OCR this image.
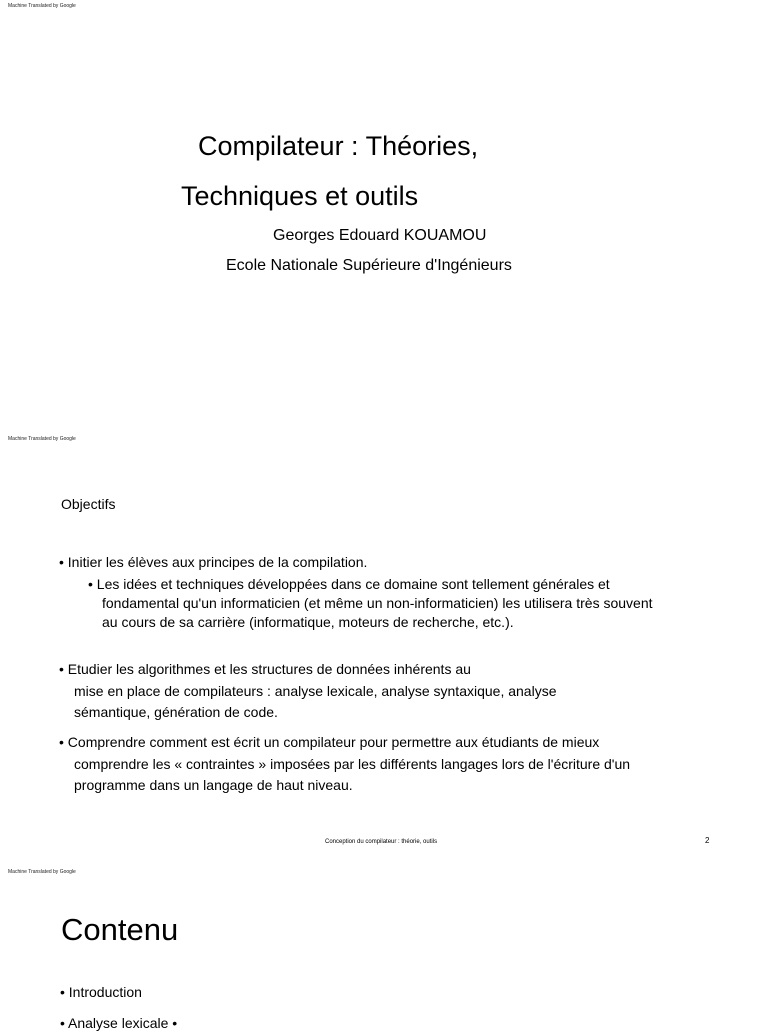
Machine Translated by Google
Compilateur : Théories,
Techniques et outils
Georges Edouard KOUAMOU
Ecole Nationale Supérieure d'Ingénieurs
Machine Translated by Google
Objectifs
• Initier les élèves aux principes de la compilation.
• Les idées et techniques développées dans ce domaine sont tellement générales et
fondamental qu'un informaticien (et même un non-informaticien) les utilisera très souvent
au cours de sa carrière (informatique, moteurs de recherche, etc.).
• Etudier les algorithmes et les structures de données inhérents au
mise en place de compilateurs : analyse lexicale, analyse syntaxique, analyse
sémantique, génération de code.
• Comprendre comment est écrit un compilateur pour permettre aux étudiants de mieux
comprendre les « contraintes » imposées par les différents langages lors de l'écriture d'un
programme dans un langage de haut niveau.
Conception du compilateur : théorie, outils	2
Machine Translated by Google
Contenu
• Introduction
• Analyse lexicale •
